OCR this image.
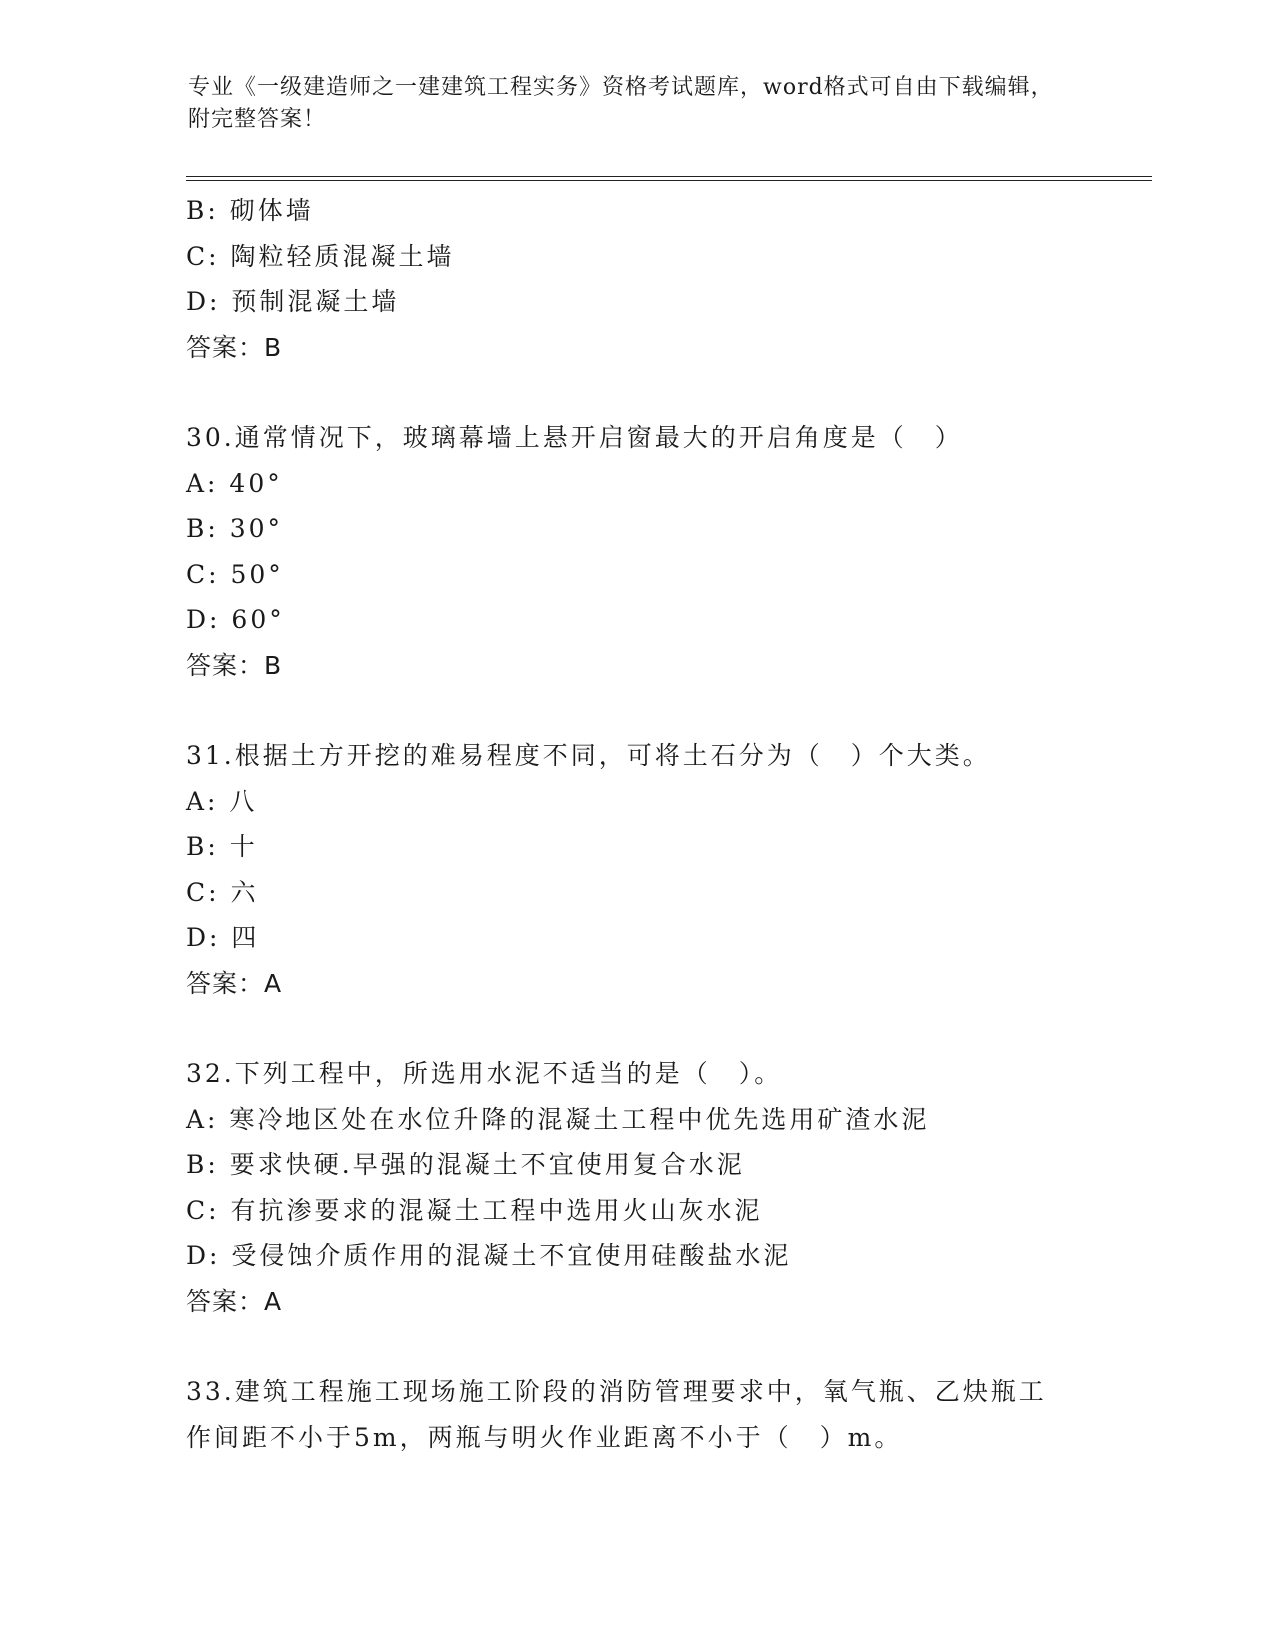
专业《一级建造师之一建建筑工程实务》资格考试题库，word格式可自由下载编辑，附完整答案！
B: 砌体墙
C: 陶粒轻质混凝土墙
D: 预制混凝土墙
答案：B
30.通常情况下，玻璃幕墙上悬开启窗最大的开启角度是（　）
A: 40°
B: 30°
C: 50°
D: 60°
答案：B
31.根据土方开挖的难易程度不同，可将土石分为（　）个大类。
A: 八
B: 十
C: 六
D: 四
答案：A
32.下列工程中，所选用水泥不适当的是（　）。
A: 寒冷地区处在水位升降的混凝土工程中优先选用矿渣水泥
B: 要求快硬.早强的混凝土不宜使用复合水泥
C: 有抗渗要求的混凝土工程中选用火山灰水泥
D: 受侵蚀介质作用的混凝土不宜使用硅酸盐水泥
答案：A
33.建筑工程施工现场施工阶段的消防管理要求中，氧气瓶、乙炔瓶工
作间距不小于5m，两瓶与明火作业距离不小于（　）m。
